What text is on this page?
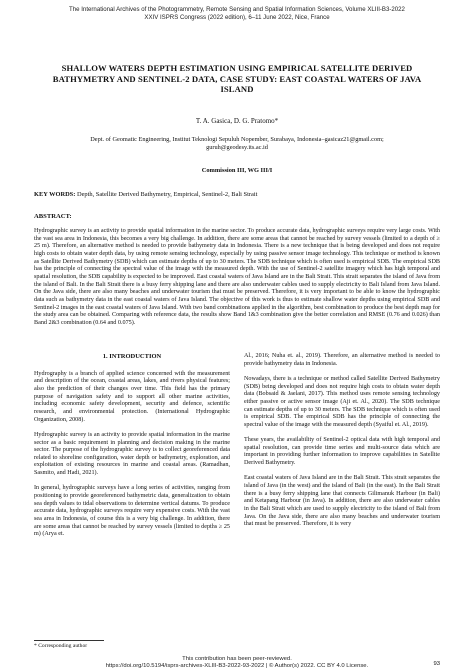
The International Archives of the Photogrammetry, Remote Sensing and Spatial Information Sciences, Volume XLIII-B3-2022
XXIV ISPRS Congress (2022 edition), 6–11 June 2022, Nice, France
SHALLOW WATERS DEPTH ESTIMATION USING EMPIRICAL SATELLITE DERIVED BATHYMETRY AND SENTINEL-2 DATA, CASE STUDY: EAST COASTAL WATERS OF JAVA ISLAND
T. A. Gasica, D. G. Pratomo*
Dept. of Geomatic Engineering, Institut Teknologi Sepuluh Nopember, Surabaya, Indonesia–gasicaz21@gmail.com;
guruh@geodesy.its.ac.id
Commission III, WG III/I
KEY WORDS: Depth, Satellite Derived Bathymetry, Empirical, Sentinel-2, Bali Strait
ABSTRACT:
Hydrographic survey is an activity to provide spatial information in the marine sector. To produce accurate data, hydrographic surveys require very large costs. With the vast sea area in Indonesia, this becomes a very big challenge. In addition, there are some areas that cannot be reached by survey vessels (limited to a depth of ≥ 25 m). Therefore, an alternative method is needed to provide bathymetry data in Indonesia. There is a new technique that is being developed and does not require high costs to obtain water depth data, by using remote sensing technology, especially by using passive sensor image technology. This technique or method is known as Satellite Derived Bathymetry (SDB) which can estimate depths of up to 30 meters. The SDB technique which is often used is empirical SDB. The empirical SDB has the principle of connecting the spectral value of the image with the measured depth. With the use of Sentinel-2 satellite imagery which has high temporal and spatial resolution, the SDB capability is expected to be improved. East coastal waters of Java Island are in the Bali Strait. This strait separates the island of Java from the island of Bali. In the Bali Strait there is a busy ferry shipping lane and there are also underwater cables used to supply electricity to Bali Island from Java Island. On the Java side, there are also many beaches and underwater tourism that must be preserved. Therefore, it is very important to be able to know the hydrographic data such as bathymetry data in the east coastal waters of Java Island. The objective of this work is thus to estimate shallow water depths using empirical SDB and Sentinel-2 images in the east coastal waters of Java Island. With two band combinations applied in the algorithm, best combination to produce the best depth map for the study area can be obtained. Comparing with reference data, the results show Band 1&3 combination give the better correlation and RMSE (0.76 and 0.026) than Band 2&3 combination (0.64 and 0.075).
1. INTRODUCTION

Hydrography is a branch of applied science concerned with the measurement and description of the ocean, coastal areas, lakes, and rivers physical features; also the prediction of their changes over time. This field has the primary purpose of navigation safety and to support all other marine activities, including economic safety development, security and defence, scientific research, and environmental protection. (International Hydrographic Organization, 2008).

Hydrographic survey is an activity to provide spatial information in the marine sector as a basic requirement in planning and decision making in the marine sector. The purpose of the hydrographic survey is to collect georeferenced data related to shoreline configuration, water depth or bathymetry, exploration, and exploitation of existing resources in marine and coastal areas. (Ramadhan, Sasmito, and Hadi, 2021).

In general, hydrographic surveys have a long series of activities, ranging from positioning to provide georeferenced bathymetric data, generalization to obtain sea depth values to tidal observations to determine vertical datums. To produce accurate data, hydrographic surveys require very expensive costs. With the vast sea area in Indonesia, of course this is a very big challenge. In addition, there are some areas that cannot be reached by survey vessels (limited to depths ≥ 25 m) (Arya et.

Al., 2016; Nuha et. al., 2019). Therefore, an alternative method is needed to provide bathymetry data in Indonesia.

Nowadays, there is a technique or method called Satellite Derived Bathymetry (SDB) being developed and does not require high costs to obtain water depth data (Bobsaid & Jaelani, 2017). This method uses remote sensing technology either passive or active sensor image (Aji et. Al., 2020). The SDB technique can estimate depths of up to 30 meters. The SDB technique which is often used is empirical SDB. The empirical SDB has the principle of connecting the spectral value of the image with the measured depth (Syaiful et. Al., 2019).

These years, the availability of Sentinel-2 optical data with high temporal and spatial resolution, can provide time series and multi-source data which are important in providing further information to improve capabilities in Satellite Derived Bathymetry.

East coastal waters of Java Island are in the Bali Strait. This strait separates the island of Java (in the west) and the island of Bali (in the east). In the Bali Strait there is a busy ferry shipping lane that connects Gilimanuk Harbour (in Bali) and Ketapang Harbour (in Java). In addition, there are also underwater cables in the Bali Strait which are used to supply electricity to the island of Bali from Java. On the Java side, there are also many beaches and underwater tourism that must be preserved. Therefore, it is very

* Corresponding author
This contribution has been peer-reviewed.
https://doi.org/10.5194/isprs-archives-XLIII-B3-2022-93-2022 | © Author(s) 2022. CC BY 4.0 License.	93
